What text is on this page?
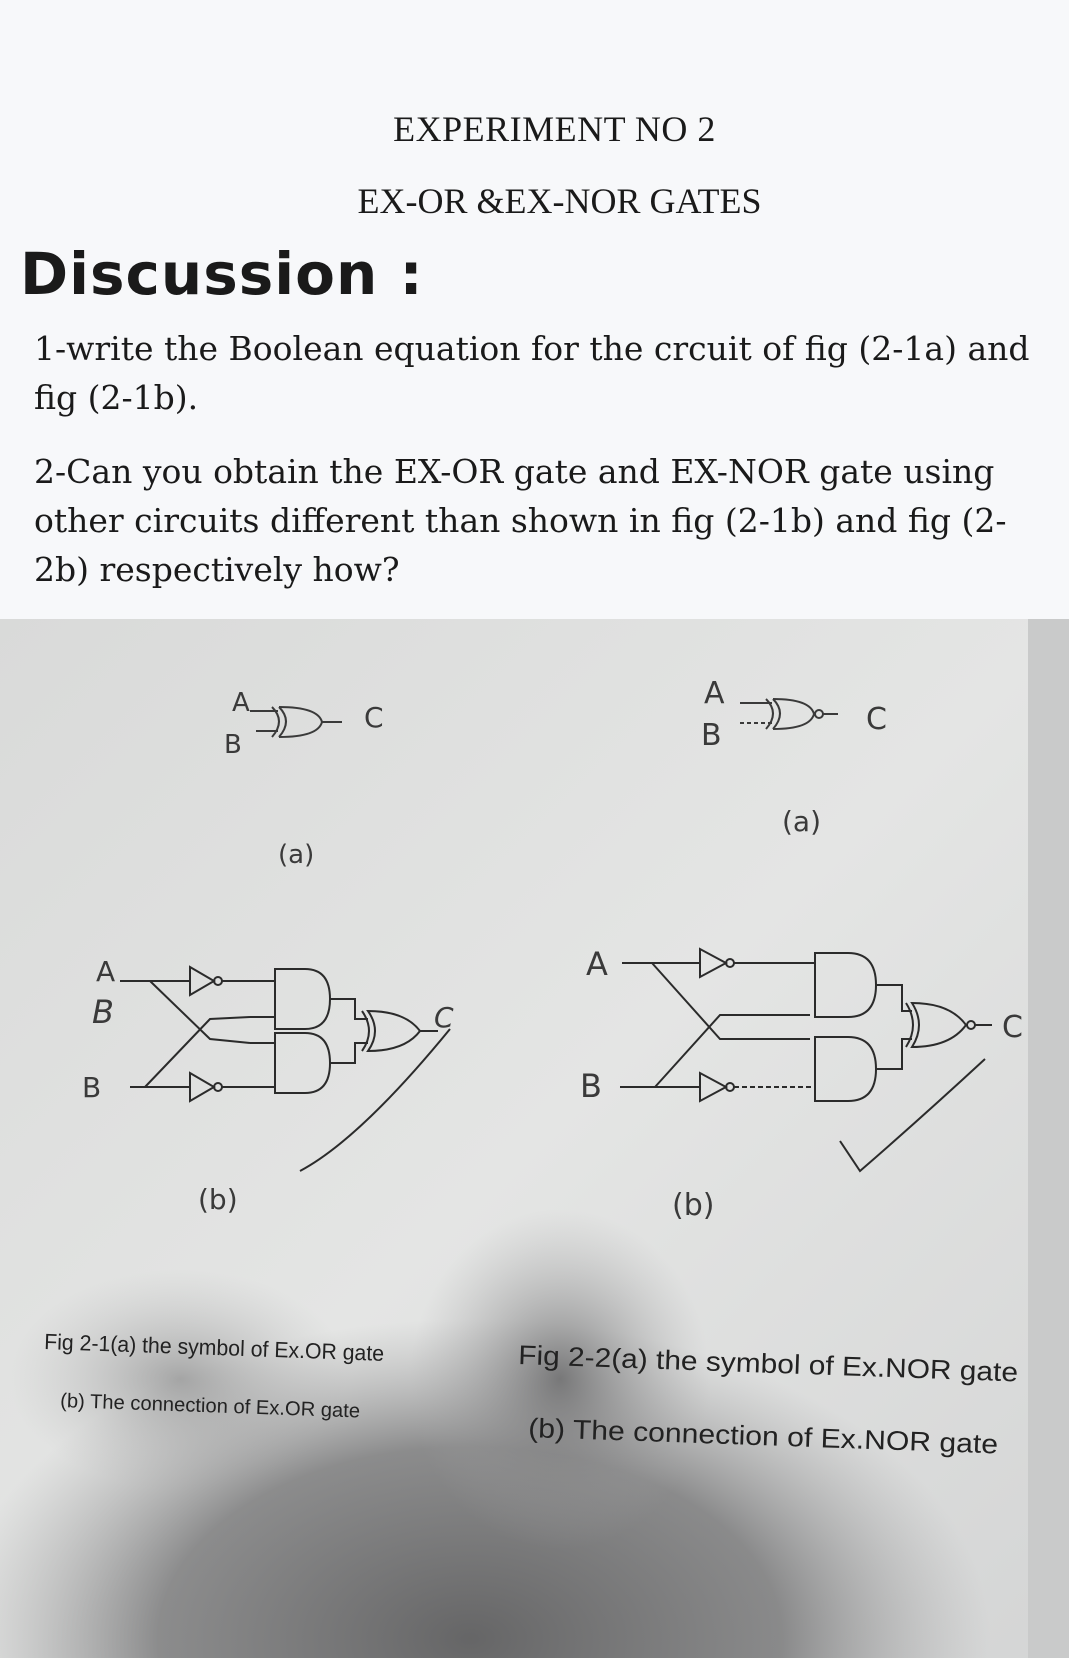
EXPERIMENT NO 2
EX-OR &EX-NOR GATES
Discussion :
1-write the Boolean equation for the crcuit of fig (2-1a) and fig (2-1b).
2-Can you obtain the EX-OR gate and EX-NOR gate using other circuits different than shown in fig (2-1b) and fig (2-2b) respectively how?
A
B
C
(a)
A
B	C
(a)
A
B
B
C
(b)
A
B
C
(b)
Fig 2-1(a) the symbol of Ex.OR gate
(b) The connection of Ex.OR gate
Fig 2-2(a) the symbol of Ex.NOR gate
(b) The connection of Ex.NOR gate
